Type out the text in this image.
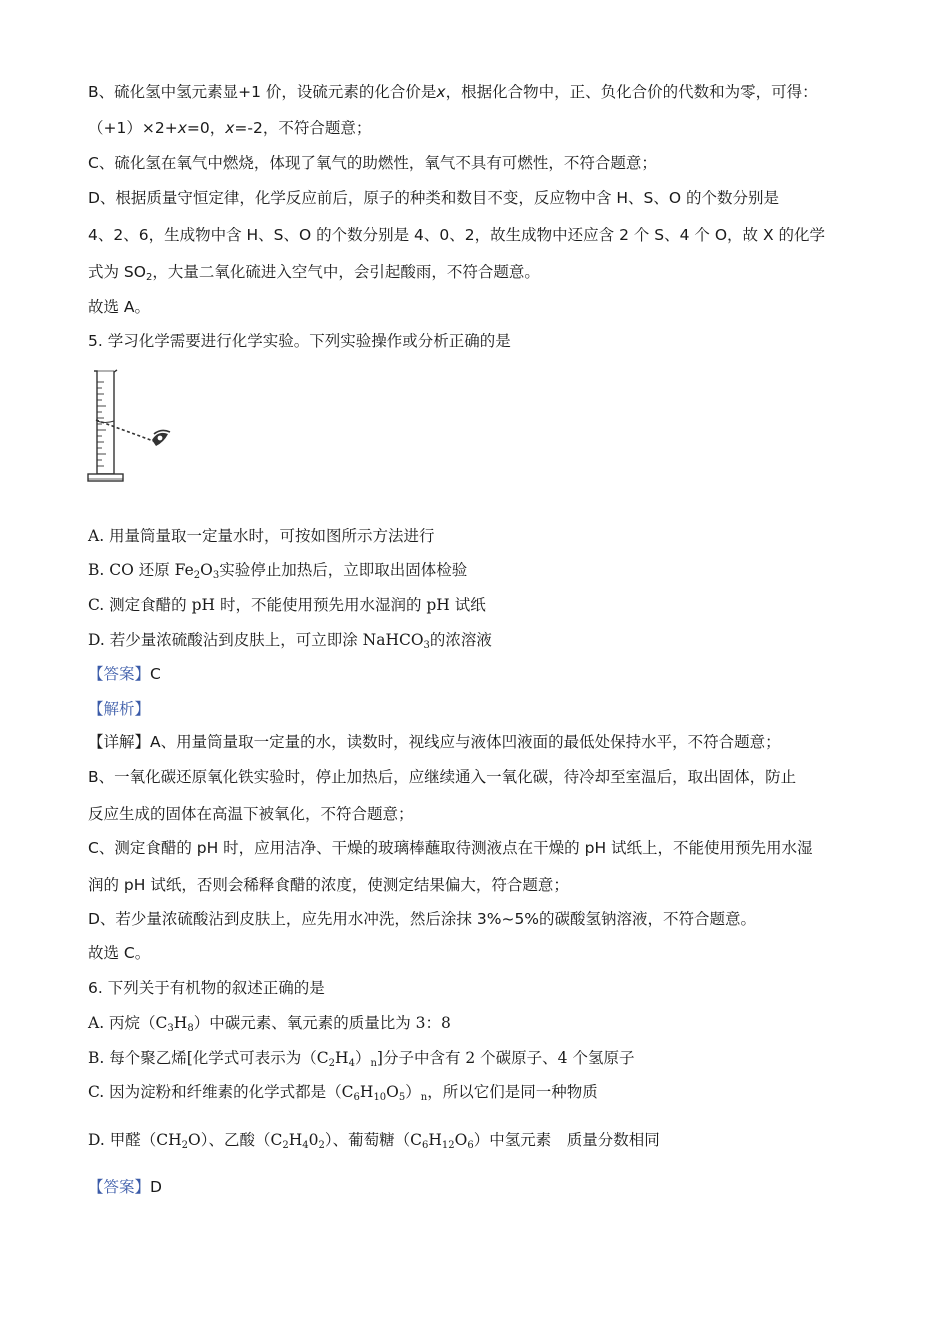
B、硫化氢中氢元素显+1 价，设硫元素的化合价是x，根据化合物中，正、负化合价的代数和为零，可得：
（+1）×2+x=0，x=-2，不符合题意；
C、硫化氢在氧气中燃烧，体现了氧气的助燃性，氧气不具有可燃性，不符合题意；
D、根据质量守恒定律，化学反应前后，原子的种类和数目不变，反应物中含 H、S、O 的个数分别是
4、2、6，生成物中含 H、S、O 的个数分别是 4、0、2，故生成物中还应含 2 个 S、4 个 O，故 X 的化学
式为 $SO_2$，大量二氧化硫进入空气中，会引起酸雨，不符合题意。
故选 A。
5. 学习化学需要进行化学实验。下列实验操作或分析正确的是
A. 用量筒量取一定量水时，可按如图所示方法进行
B. CO 还原 $Fe_2O_3$实验停止加热后，立即取出固体检验
C. 测定食醋的 pH 时，不能使用预先用水湿润的 pH 试纸
D. 若少量浓硫酸沾到皮肤上，可立即涂 NaHCO$_3$的浓溶液
【答案】C
【解析】
【详解】A、用量筒量取一定量的水，读数时，视线应与液体凹液面的最低处保持水平，不符合题意；
B、一氧化碳还原氧化铁实验时，停止加热后，应继续通入一氧化碳，待冷却至室温后，取出固体，防止
反应生成的固体在高温下被氧化，不符合题意；
C、测定食醋的 pH 时，应用洁净、干燥的玻璃棒蘸取待测液点在干燥的 pH 试纸上，不能使用预先用水湿
润的 pH 试纸，否则会稀释食醋的浓度，使测定结果偏大，符合题意；
D、若少量浓硫酸沾到皮肤上，应先用水冲洗，然后涂抹 3%~5%的碳酸氢钠溶液，不符合题意。
故选 C。
6. 下列关于有机物的叙述正确的是
A. 丙烷$(C_3H_8)$中碳元素、氧元素的质量比为 3：8
B. 每个聚乙烯[化学式可表示为$(C_2H_4)_n$]分子中含有 2 个碳原子、4 个氢原子
C. 因为淀粉和纤维素的化学式都是$(C_6H_{10}O_5)_n$，所以它们是同一种物质
D. 甲醛$(CH_2O)$、乙酸$(C_2H_40_2)$、葡萄糖$(C_6H_{12}O_6)$中氢元素　质量分数相同
【答案】D
